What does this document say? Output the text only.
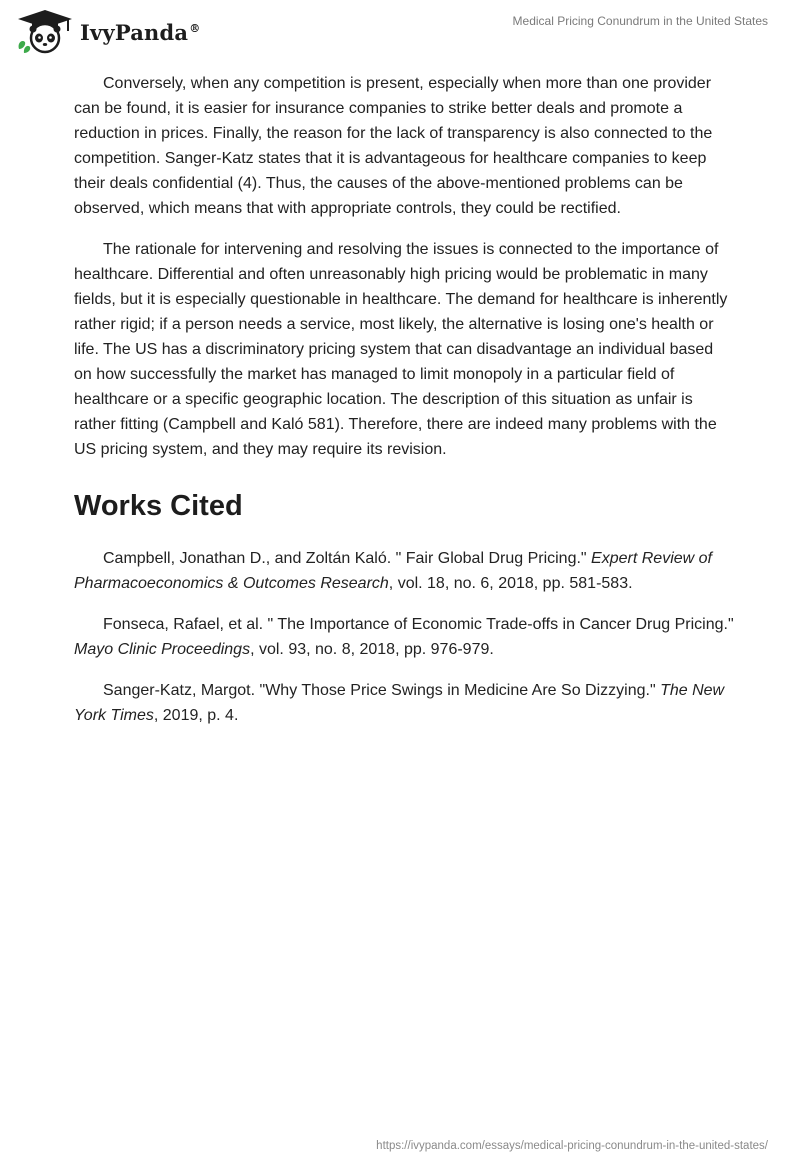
IvyPanda®	Medical Pricing Conundrum in the United States

Conversely, when any competition is present, especially when more than one provider can be found, it is easier for insurance companies to strike better deals and promote a reduction in prices. Finally, the reason for the lack of transparency is also connected to the competition. Sanger-Katz states that it is advantageous for healthcare companies to keep their deals confidential (4). Thus, the causes of the above-mentioned problems can be observed, which means that with appropriate controls, they could be rectified.

The rationale for intervening and resolving the issues is connected to the importance of healthcare. Differential and often unreasonably high pricing would be problematic in many fields, but it is especially questionable in healthcare. The demand for healthcare is inherently rather rigid; if a person needs a service, most likely, the alternative is losing one's health or life. The US has a discriminatory pricing system that can disadvantage an individual based on how successfully the market has managed to limit monopoly in a particular field of healthcare or a specific geographic location. The description of this situation as unfair is rather fitting (Campbell and Kaló 581). Therefore, there are indeed many problems with the US pricing system, and they may require its revision.

Works Cited

Campbell, Jonathan D., and Zoltán Kaló. " Fair Global Drug Pricing." Expert Review of Pharmacoeconomics & Outcomes Research, vol. 18, no. 6, 2018, pp. 581-583.

Fonseca, Rafael, et al. " The Importance of Economic Trade-offs in Cancer Drug Pricing." Mayo Clinic Proceedings, vol. 93, no. 8, 2018, pp. 976-979.

Sanger-Katz, Margot. "Why Those Price Swings in Medicine Are So Dizzying." The New York Times, 2019, p. 4.

https://ivypanda.com/essays/medical-pricing-conundrum-in-the-united-states/
